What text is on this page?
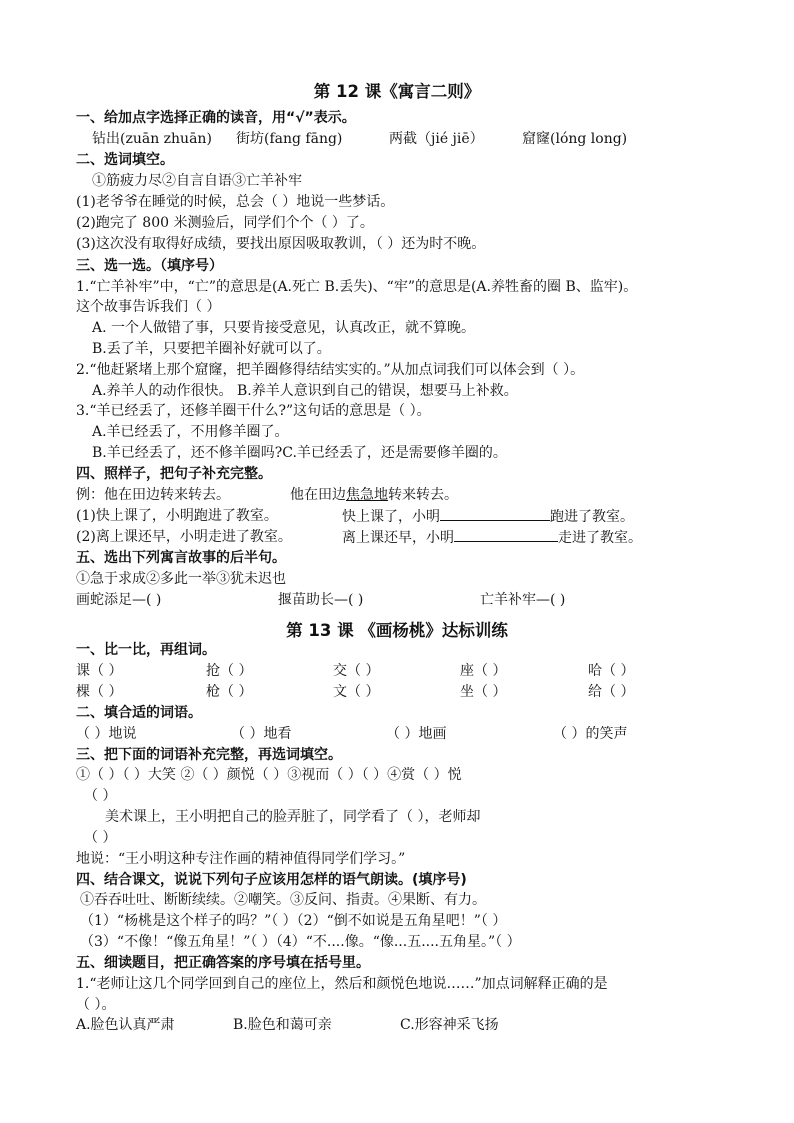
第 12 课《寓言二则》
一、给加点字选择正确的读音，用“√”表示。
钻出(zuān zhuān) 街坊(fang fāng)	两截（jié jiē）	窟窿(lóng long)
二、选词填空。
①筋疲力尽②自言自语③亡羊补牢
(1)老爷爷在睡觉的时候，总会（ ）地说一些梦话。
(2)跑完了 800 米测验后，同学们个个（ ）了。
(3)这次没有取得好成绩，要找出原因吸取教训，（ ）还为时不晚。
三、选一选。（填序号）
1.“亡羊补牢”中，“亡”的意思是(A.死亡 B.丢失)、“牢”的意思是(A.养牲畜的圈 B、监牢)。
这个故事告诉我们（ ）
A. 一个人做错了事，只要肯接受意见，认真改正，就不算晚。
B.丢了羊，只要把羊圈补好就可以了。
2.“他赶紧堵上那个窟窿，把羊圈修得结结实实的。”从加点词我们可以体会到（ ）。
A.养羊人的动作很快。 B.养羊人意识到自己的错误，想要马上补救。
3.“羊已经丢了，还修羊圈干什么?”这句话的意思是（ ）。
A.羊已经丢了，不用修羊圈了。
B.羊已经丢了，还不修羊圈吗?C.羊已经丢了，还是需要修羊圈的。
四、照样子，把句子补充完整。
例：他在田边转来转去。	他在田边焦急地转来转去。
(1)快上课了，小明跑进了教室。	快上课了，小明	跑进了教室。
(2)离上课还早，小明走进了教室。	离上课还早，小明	走进了教室。
五、选出下列寓言故事的后半句。
①急于求成②多此一举③犹未迟也
画蛇添足—( )	揠苗助长—( )	亡羊补牢—( )
第 13 课 《画杨桃》达标训练
一、比一比，再组词。
课（ ）	抢（ ）	交（ ）	座（ ）	哈（ ）
棵（ ）	枪（ ）	文（ ）	坐（ ）	给（ ）
二、填合适的词语。
（ ）地说	（ ）地看	（ ）地画	（ ）的笑声
三、把下面的词语补充完整，再选词填空。
①（ ）（ ）大笑 ②（ ）颜悦（ ）③视而（ ）（ ）④赏（ ）悦
（ ）
美术课上，王小明把自己的脸弄脏了，同学看了（ ），老师却
（ ）
地说：“王小明这种专注作画的精神值得同学们学习。”
四、结合课文，说说下列句子应该用怎样的语气朗读。(填序号)
①吞吞吐吐、断断续续。②嘲笑。③反问、指责。④果断、有力。
（1）“杨桃是这个样子的吗？”（ ）（2）“倒不如说是五角星吧！”（ ）
（3）“不像！“像五角星！”（ ）（4）“不....像。“像...五....五角星。”（ ）
五、细读题目，把正确答案的序号填在括号里。
1.“老师让这几个同学回到自己的座位上，然后和颜悦色地说……”加点词解释正确的是
（ ）。
A.脸色认真严肃	B.脸色和蔼可亲	C.形容神采飞扬
